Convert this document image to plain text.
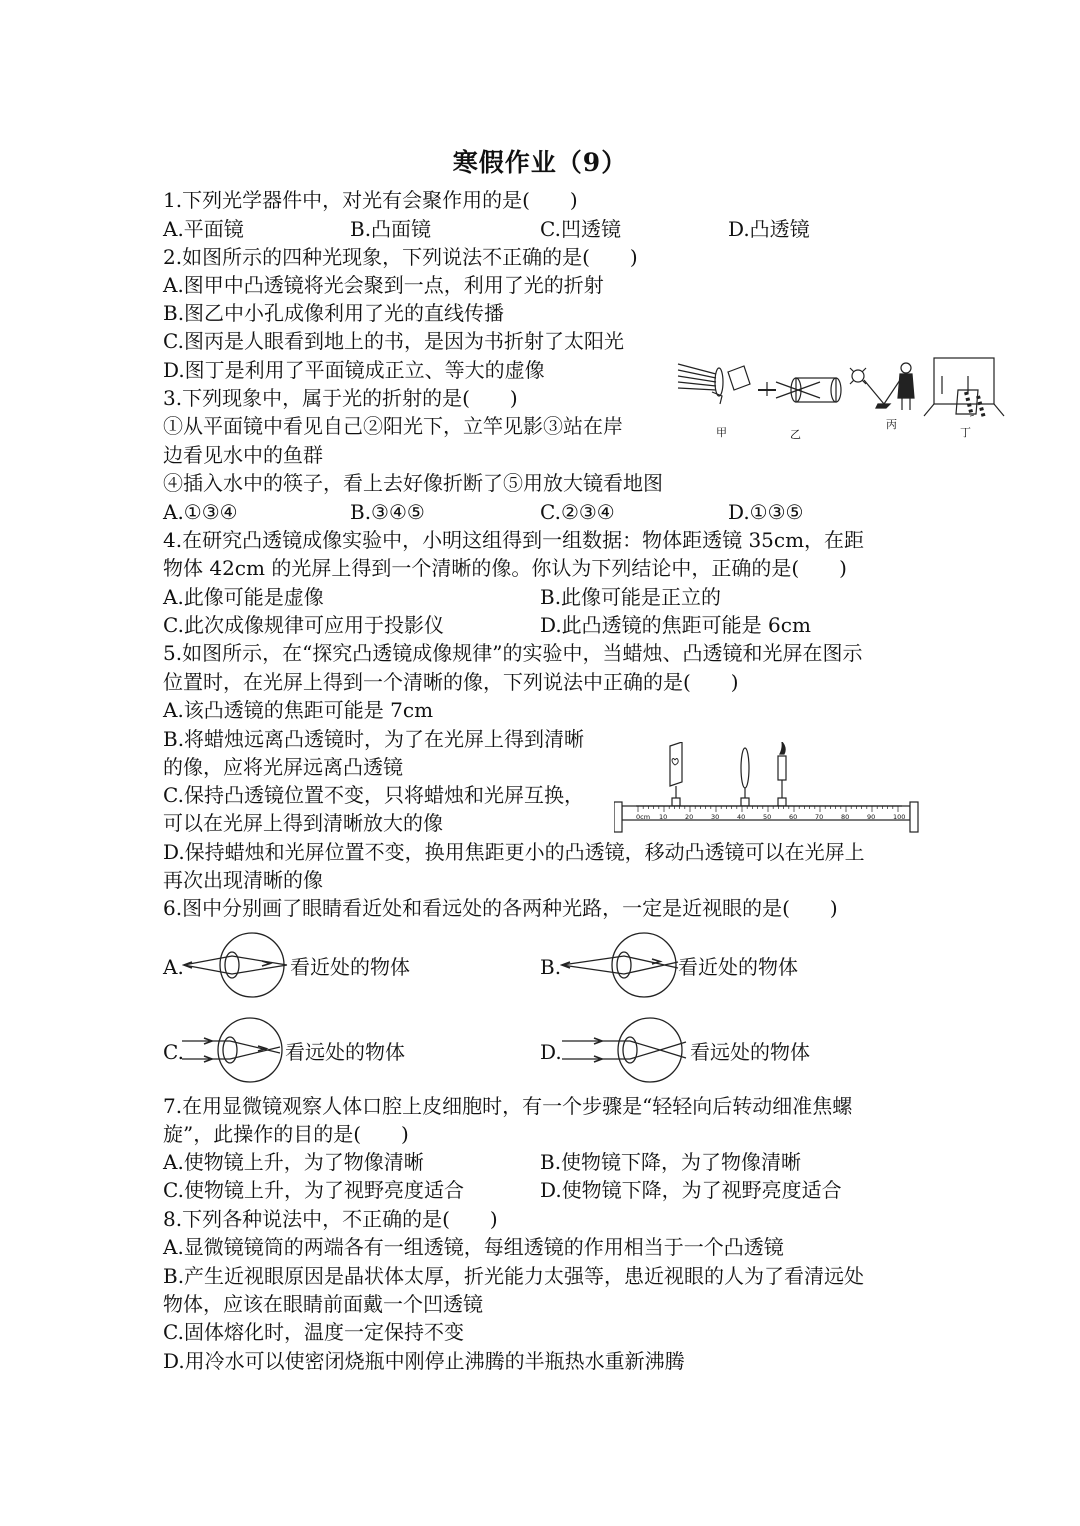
寒假作业（9）
1.下列光学器件中，对光有会聚作用的是(　　)
A.平面镜	B.凸面镜	C.凹透镜	D.凸透镜
2.如图所示的四种光现象，下列说法不正确的是(　　)
A.图甲中凸透镜将光会聚到一点，利用了光的折射
B.图乙中小孔成像利用了光的直线传播
C.图丙是人眼看到地上的书，是因为书折射了太阳光
D.图丁是利用了平面镜成正立、等大的虚像
甲	乙
丙
丁
3.下列现象中，属于光的折射的是(　　)
①从平面镜中看见自己②阳光下，立竿见影③站在岸
边看见水中的鱼群
④插入水中的筷子，看上去好像折断了⑤用放大镜看地图
A.①③④	B.③④⑤	C.②③④	D.①③⑤
4.在研究凸透镜成像实验中，小明这组得到一组数据：物体距透镜 35cm，在距
物体 42cm 的光屏上得到一个清晰的像。你认为下列结论中，正确的是(　　)
A.此像可能是虚像	B.此像可能是正立的
C.此次成像规律可应用于投影仪	D.此凸透镜的焦距可能是 6cm
5.如图所示，在“探究凸透镜成像规律”的实验中，当蜡烛、凸透镜和光屏在图示
位置时，在光屏上得到一个清晰的像，下列说法中正确的是(　　)
A.该凸透镜的焦距可能是 7cm
B.将蜡烛远离凸透镜时，为了在光屏上得到清晰
的像，应将光屏远离凸透镜
C.保持凸透镜位置不变，只将蜡烛和光屏互换，
可以在光屏上得到清晰放大的像
D.保持蜡烛和光屏位置不变，换用焦距更小的凸透镜，移动凸透镜可以在光屏上
再次出现清晰的像
0cm 10	20	30	40	50	60	70	80	90	100
6.图中分别画了眼睛看近处和看远处的各两种光路，一定是近视眼的是(　　)
A.	看近处的物体	B.	看近处的物体
C.	看远处的物体	D.	看远处的物体
7.在用显微镜观察人体口腔上皮细胞时，有一个步骤是“轻轻向后转动细准焦螺
旋”，此操作的目的是(　　)
A.使物镜上升，为了物像清晰	B.使物镜下降，为了物像清晰
C.使物镜上升，为了视野亮度适合	D.使物镜下降，为了视野亮度适合
8.下列各种说法中，不正确的是(　　)
A.显微镜镜筒的两端各有一组透镜，每组透镜的作用相当于一个凸透镜
B.产生近视眼原因是晶状体太厚，折光能力太强等，患近视眼的人为了看清远处
物体，应该在眼睛前面戴一个凹透镜
C.固体熔化时，温度一定保持不变
D.用冷水可以使密闭烧瓶中刚停止沸腾的半瓶热水重新沸腾
